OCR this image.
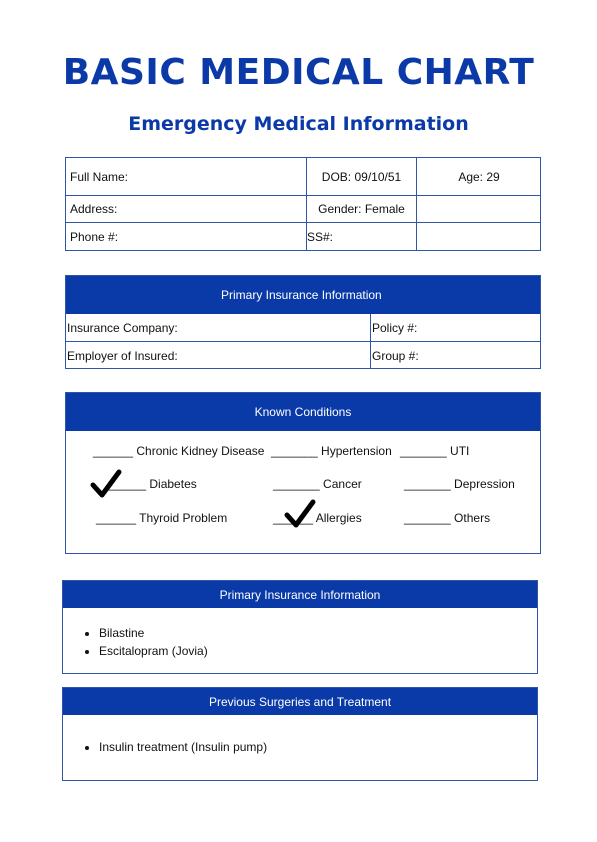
BASIC MEDICAL CHART
Emergency Medical Information
Full Name:	DOB: 09/10/51	Age: 29
Address:	Gender: Female
Phone #:	SS#:
Primary Insurance Information
Insurance Company:	Policy #:
Employer of Insured:	Group #:
Known Conditions
______ Chronic Kidney Disease _______ Hypertension _______ UTI
______ Diabetes	_______ Cancer	_______ Depression
______ Thyroid Problem	______ Allergies	_______ Others
Primary Insurance Information
• Bilastine
• Escitalopram (Jovia)
Previous Surgeries and Treatment
• Insulin treatment (Insulin pump)
